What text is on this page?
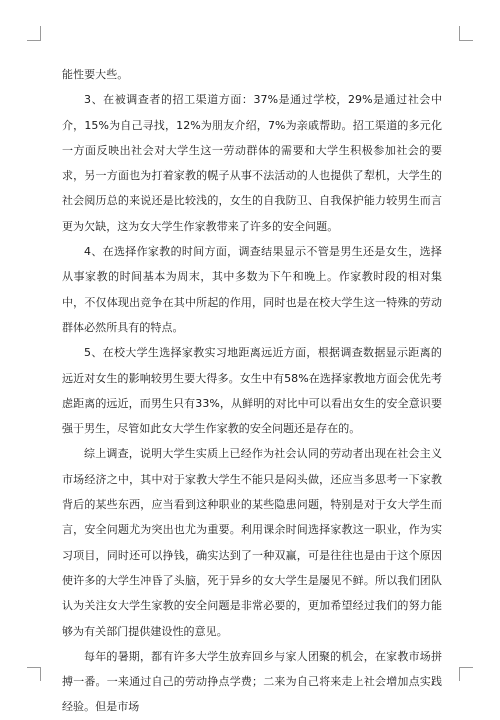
能性要大些。

3、在被调查者的招工渠道方面：37%是通过学校，29%是通过社会中介，15%为自己寻找，12%为朋友介绍，7%为亲戚帮助。招工渠道的多元化一方面反映出社会对大学生这一劳动群体的需要和大学生积极参加社会的要求，另一方面也为打着家教的幌子从事不法活动的人也提供了犁机，大学生的社会阅历总的来说还是比较浅的，女生的自我防卫、自我保护能力较男生而言更为欠缺，这为女大学生作家教带来了许多的安全问题。

4、在选择作家教的时间方面，调查结果显示不管是男生还是女生，选择从事家教的时间基本为周末，其中多数为下午和晚上。作家教时段的相对集中，不仅体现出竞争在其中所起的作用，同时也是在校大学生这一特殊的劳动群体必然所具有的特点。

5、在校大学生选择家教实习地距离远近方面，根据调查数据显示距离的远近对女生的影响较男生要大得多。女生中有58%在选择家教地方面会优先考虑距离的远近，而男生只有33%，从鲜明的对比中可以看出女生的安全意识要强于男生，尽管如此女大学生作家教的安全问题还是存在的。

综上调查，说明大学生实质上已经作为社会认同的劳动者出现在社会主义市场经济之中，其中对于家教大学生不能只是闷头做，还应当多思考一下家教背后的某些东西，应当看到这种职业的某些隐患问题，特别是对于女大学生而言，安全问题尤为突出也尤为重要。利用课余时间选择家教这一职业，作为实习项目，同时还可以挣钱，确实达到了一种双赢，可是往往也是由于这个原因使许多的大学生冲昏了头脑，死于异乡的女大学生是屡见不鲜。所以我们团队认为关注女大学生家教的安全问题是非常必要的，更加希望经过我们的努力能够为有关部门提供建设性的意见。

每年的暑期，都有许多大学生放弃回乡与家人团聚的机会，在家教市场拼搏一番。一来通过自己的劳动挣点学费；二来为自己将来走上社会增加点实践经验。但是市场
